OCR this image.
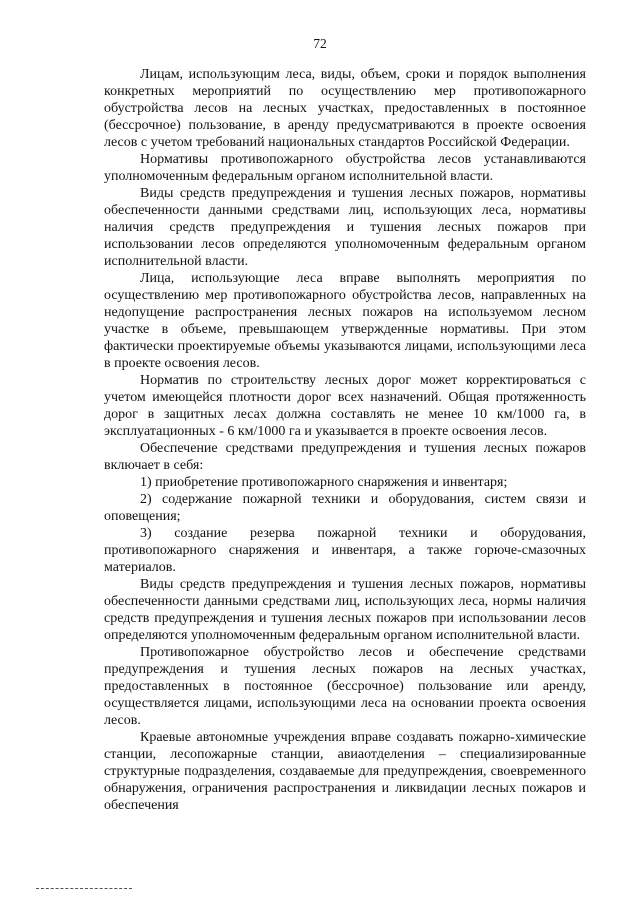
72

Лицам, использующим леса, виды, объем, сроки и порядок выполнения конкретных мероприятий по осуществлению мер противопожарного обустройства лесов на лесных участках, предоставленных в постоянное (бессрочное) пользование, в аренду предусматриваются в проекте освоения лесов с учетом требований национальных стандартов Российской Федерации.

Нормативы противопожарного обустройства лесов устанавливаются уполномоченным федеральным органом исполнительной власти.

Виды средств предупреждения и тушения лесных пожаров, нормативы обеспеченности данными средствами лиц, использующих леса, нормативы наличия средств предупреждения и тушения лесных пожаров при использовании лесов определяются уполномоченным федеральным органом исполнительной власти.

Лица, использующие леса вправе выполнять мероприятия по осуществлению мер противопожарного обустройства лесов, направленных на недопущение распространения лесных пожаров на используемом лесном участке в объеме, превышающем утвержденные нормативы. При этом фактически проектируемые объемы указываются лицами, использующими леса в проекте освоения лесов.

Норматив по строительству лесных дорог может корректироваться с учетом имеющейся плотности дорог всех назначений. Общая протяженность дорог в защитных лесах должна составлять не менее 10 км/1000 га, в эксплуатационных - 6 км/1000 га и указывается в проекте освоения лесов.

Обеспечение средствами предупреждения и тушения лесных пожаров включает в себя:

1) приобретение противопожарного снаряжения и инвентаря;

2) содержание пожарной техники и оборудования, систем связи и оповещения;

3) создание резерва пожарной техники и оборудования, противопожарного снаряжения и инвентаря, а также горюче-смазочных материалов.

Виды средств предупреждения и тушения лесных пожаров, нормативы обеспеченности данными средствами лиц, использующих леса, нормы наличия средств предупреждения и тушения лесных пожаров при использовании лесов определяются уполномоченным федеральным органом исполнительной власти.

Противопожарное обустройство лесов и обеспечение средствами предупреждения и тушения лесных пожаров на лесных участках, предоставленных в постоянное (бессрочное) пользование или аренду, осуществляется лицами, использующими леса на основании проекта освоения лесов.

Краевые автономные учреждения вправе создавать пожарно-химические станции, лесопожарные станции, авиаотделения – специализированные структурные подразделения, создаваемые для предупреждения, своевременного обнаружения, ограничения распространения и ликвидации лесных пожаров и обеспечения
